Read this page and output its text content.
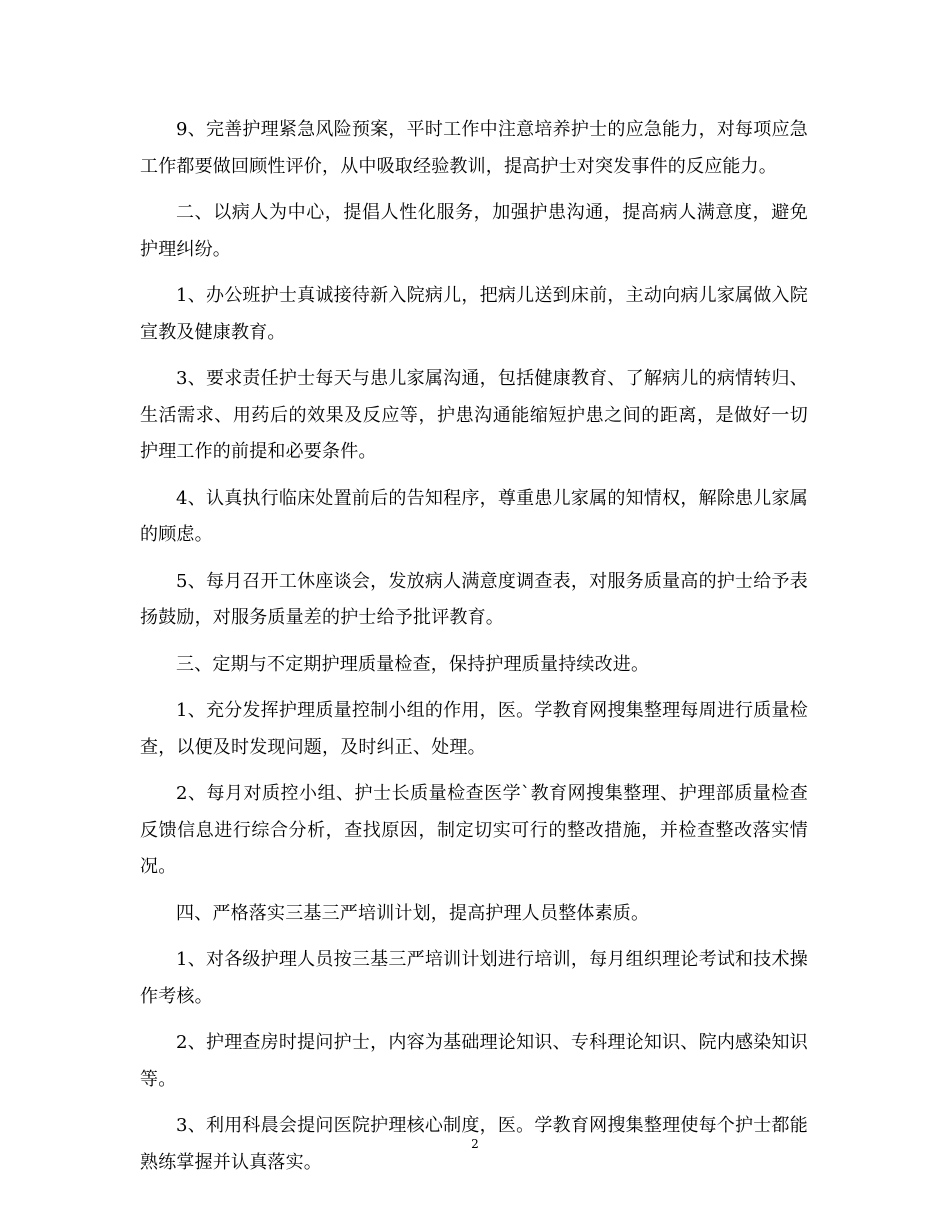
9、完善护理紧急风险预案，平时工作中注意培养护士的应急能力，对每项应急工作都要做回顾性评价，从中吸取经验教训，提高护士对突发事件的反应能力。

二、以病人为中心，提倡人性化服务，加强护患沟通，提高病人满意度，避免护理纠纷。

1、办公班护士真诚接待新入院病儿，把病儿送到床前，主动向病儿家属做入院宣教及健康教育。

3、要求责任护士每天与患儿家属沟通，包括健康教育、了解病儿的病情转归、生活需求、用药后的效果及反应等，护患沟通能缩短护患之间的距离，是做好一切护理工作的前提和必要条件。

4、认真执行临床处置前后的告知程序，尊重患儿家属的知情权，解除患儿家属的顾虑。

5、每月召开工休座谈会，发放病人满意度调查表，对服务质量高的护士给予表扬鼓励，对服务质量差的护士给予批评教育。

三、定期与不定期护理质量检查，保持护理质量持续改进。

1、充分发挥护理质量控制小组的作用，医。学教育网搜集整理每周进行质量检查，以便及时发现问题，及时纠正、处理。

2、每月对质控小组、护士长质量检查医学`教育网搜集整理、护理部质量检查反馈信息进行综合分析，查找原因，制定切实可行的整改措施，并检查整改落实情况。

四、严格落实三基三严培训计划，提高护理人员整体素质。

1、对各级护理人员按三基三严培训计划进行培训，每月组织理论考试和技术操作考核。

2、护理查房时提问护士，内容为基础理论知识、专科理论知识、院内感染知识等。

3、利用科晨会提问医院护理核心制度，医。学教育网搜集整理使每个护士都能熟练掌握并认真落实。

2
